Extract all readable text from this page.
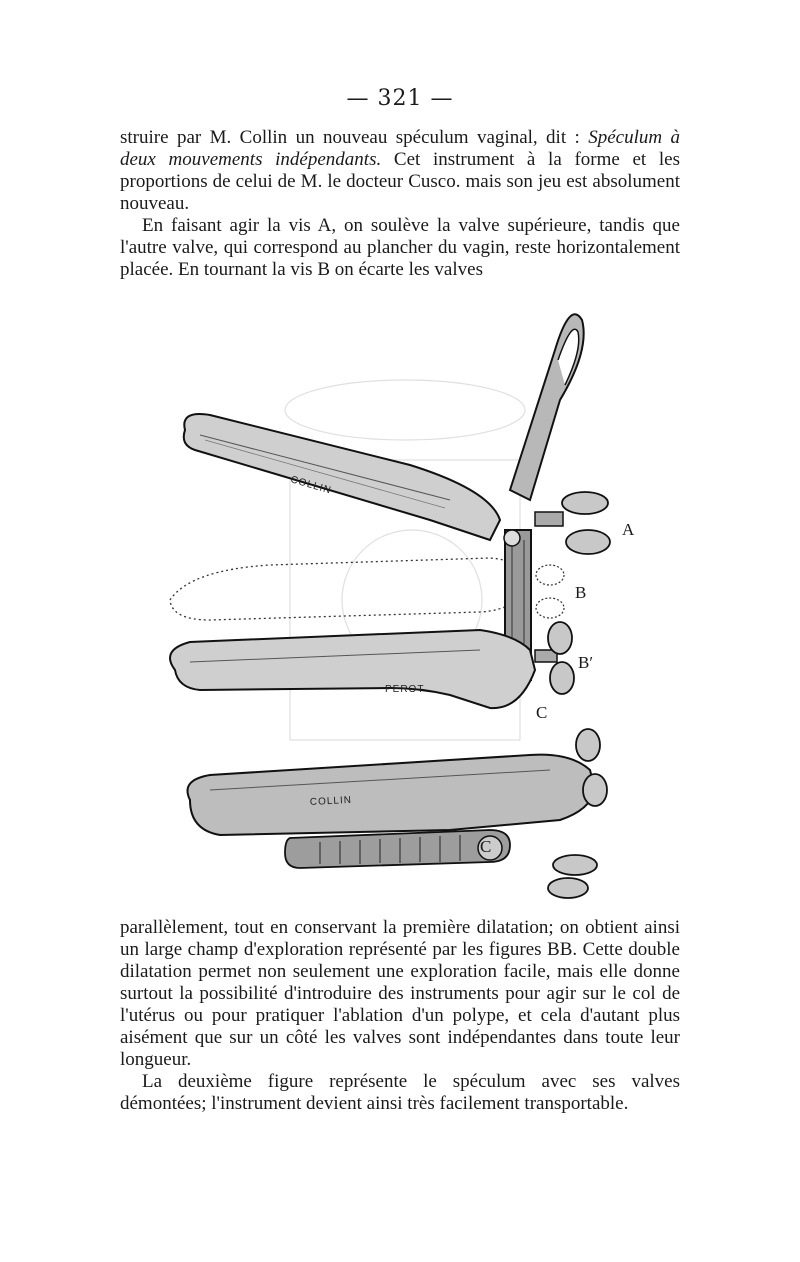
— 321 —

struire par M. Collin un nouveau spéculum vaginal, dit : Spéculum à deux mouvements indépendants. Cet instrument à la forme et les proportions de celui de M. le docteur Cusco. mais son jeu est absolument nouveau.

En faisant agir la vis A, on soulève la valve supérieure, tandis que l'autre valve, qui correspond au plancher du vagin, reste horizontalement placée. En tournant la vis B on écarte les valves

COLLIN
A
B
PEROT
B′
C
COLLIN
C

parallèlement, tout en conservant la première dilatation; on obtient ainsi un large champ d'exploration représenté par les figures BB. Cette double dilatation permet non seulement une exploration facile, mais elle donne surtout la possibilité d'introduire des instruments pour agir sur le col de l'utérus ou pour pratiquer l'ablation d'un polype, et cela d'autant plus aisément que sur un côté les valves sont indépendantes dans toute leur longueur.

La deuxième figure représente le spéculum avec ses valves démontées; l'instrument devient ainsi très facilement transportable.
